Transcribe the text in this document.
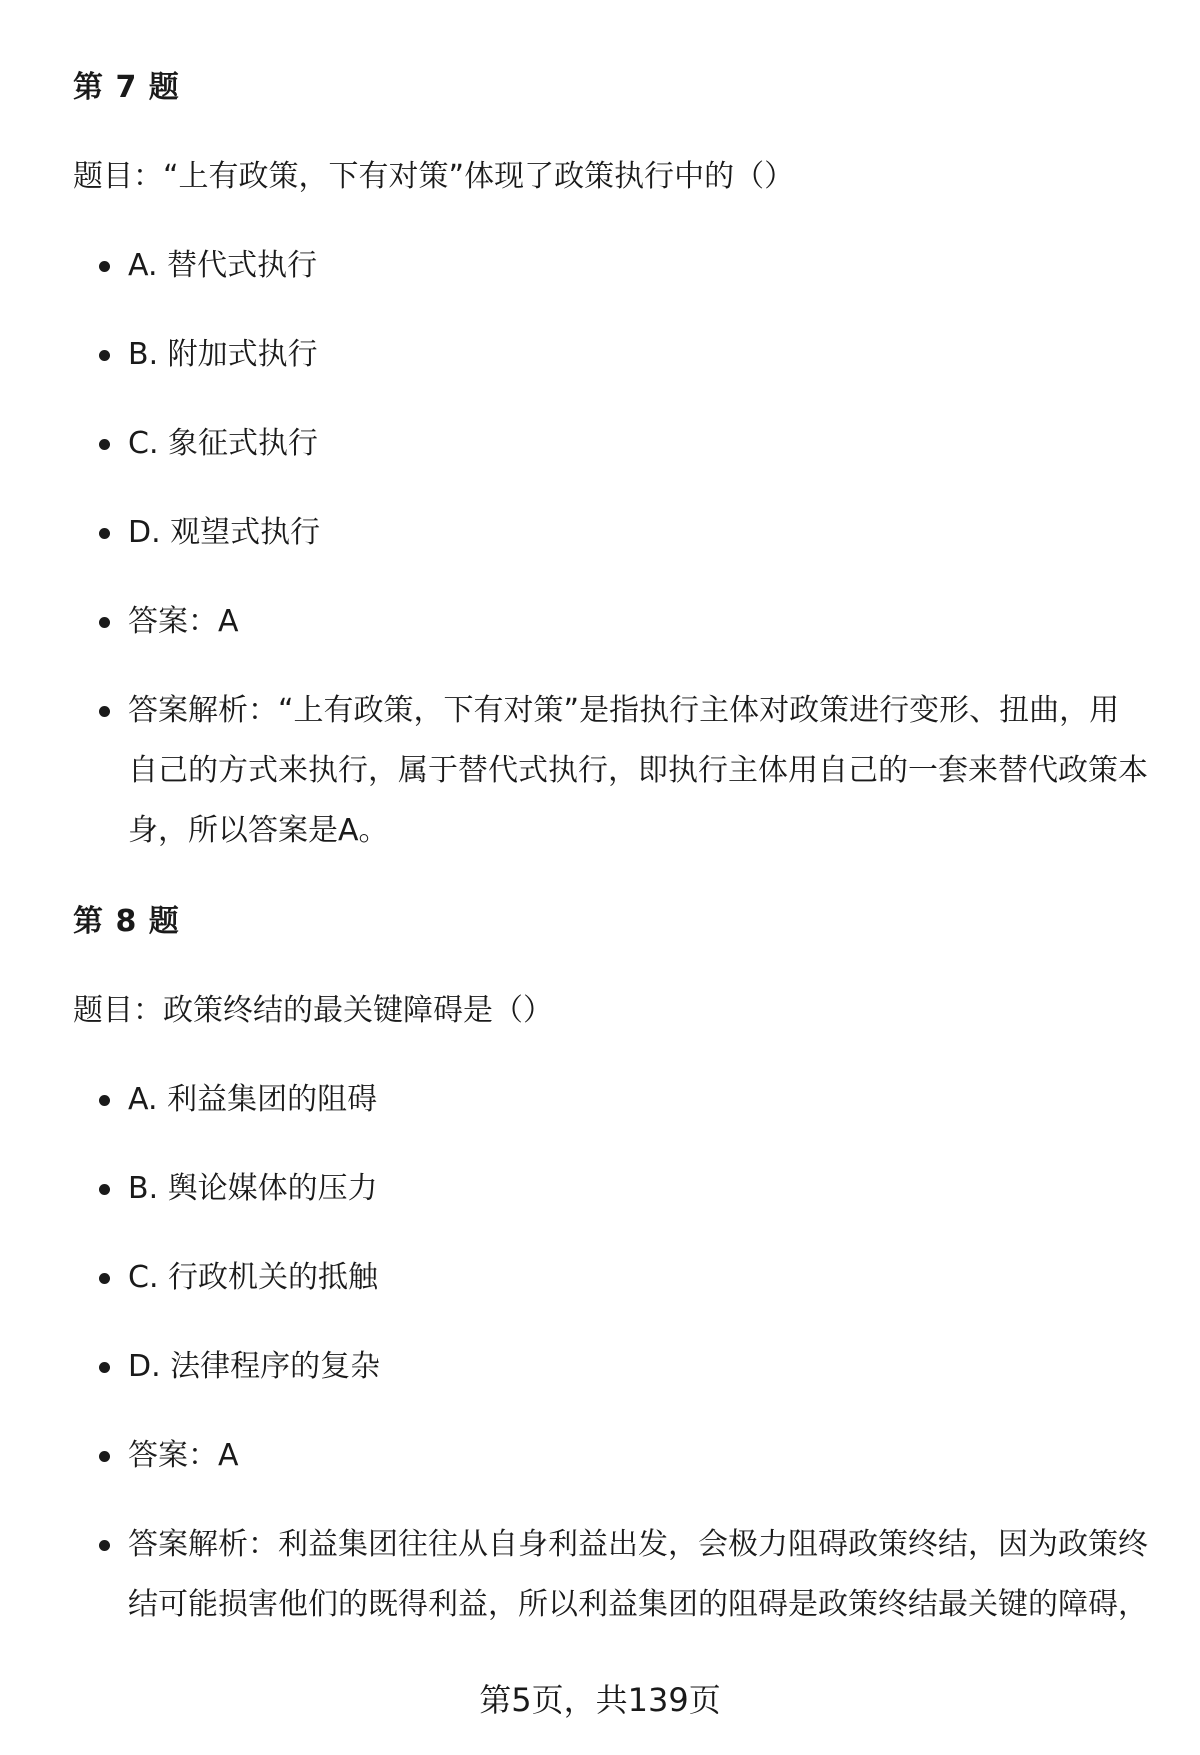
第 7 题
题目：“上有政策，下有对策”体现了政策执行中的（）
A. 替代式执行
B. 附加式执行
C. 象征式执行
D. 观望式执行
答案：A
答案解析：“上有政策，下有对策”是指执行主体对政策进行变形、扭曲，用自己的方式来执行，属于替代式执行，即执行主体用自己的一套来替代政策本身，所以答案是A。
第 8 题
题目：政策终结的最关键障碍是（）
A. 利益集团的阻碍
B. 舆论媒体的压力
C. 行政机关的抵触
D. 法律程序的复杂
答案：A
答案解析：利益集团往往从自身利益出发，会极力阻碍政策终结，因为政策终结可能损害他们的既得利益，所以利益集团的阻碍是政策终结最关键的障碍，
第5页，共139页
